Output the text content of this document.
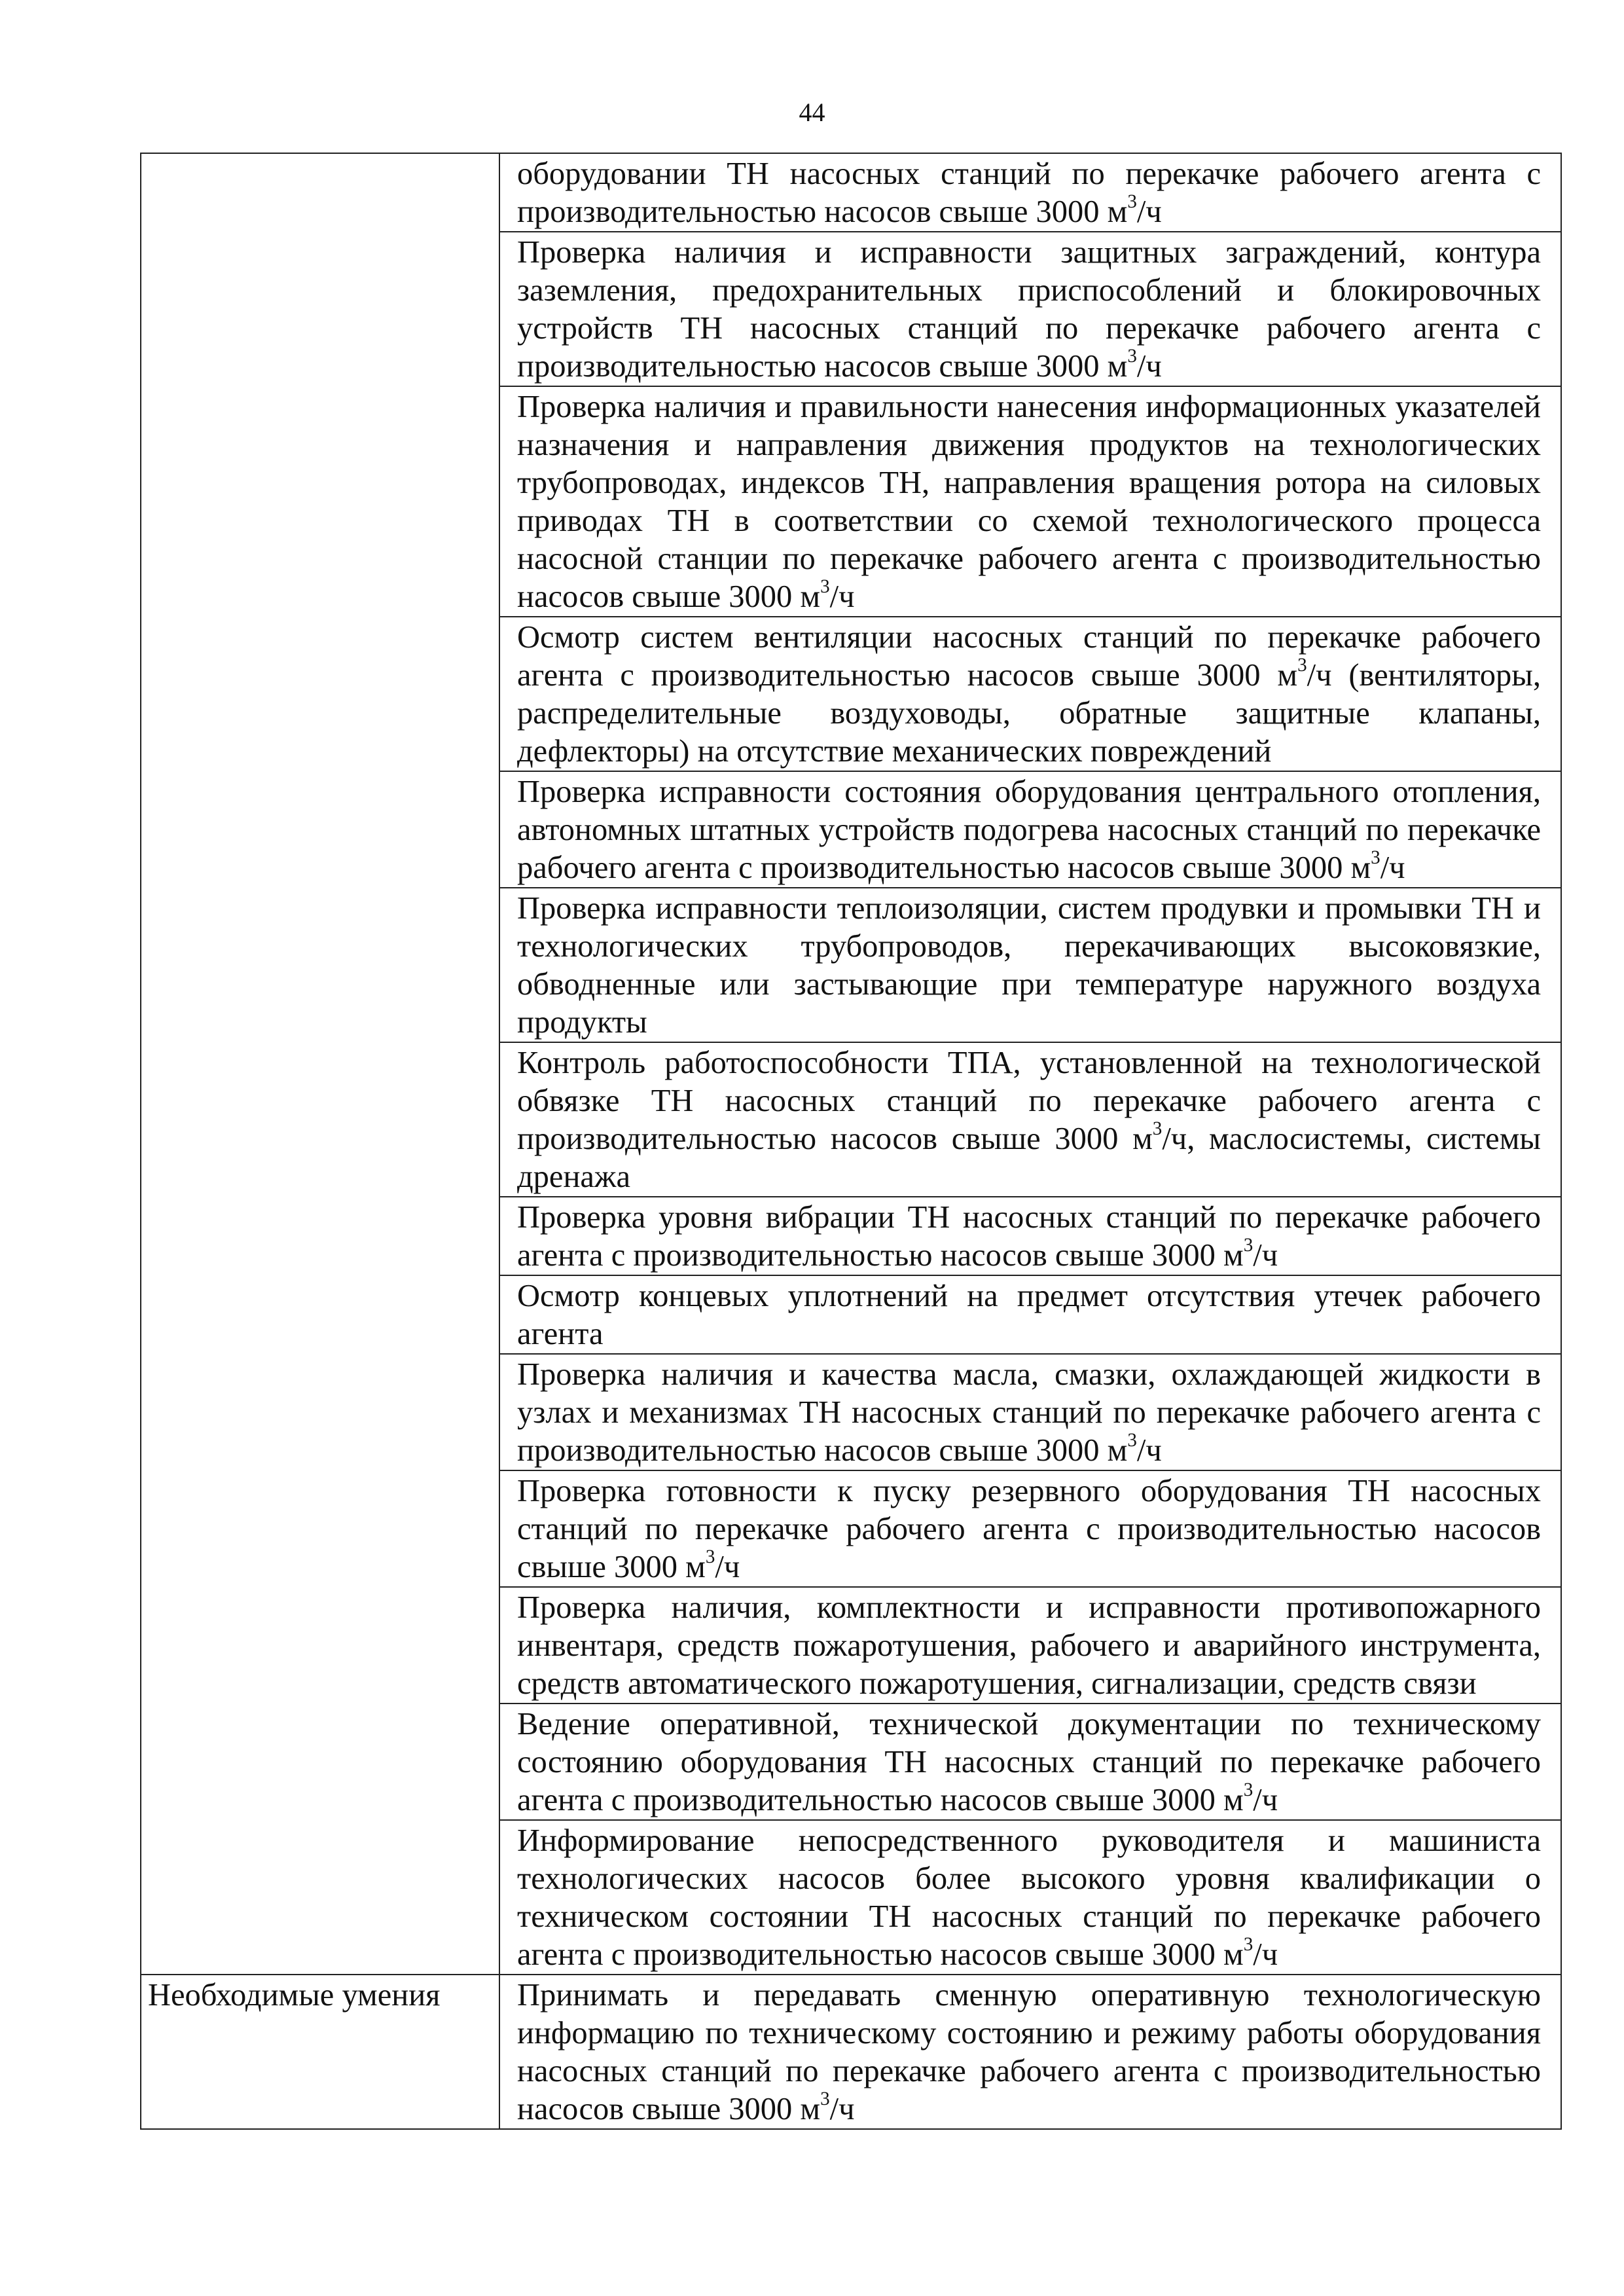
44

	оборудовании ТН насосных станций по перекачке рабочего агента с производительностью насосов свыше 3000 $м^3/ч$

	Проверка наличия и исправности защитных заграждений, контура заземления, предохранительных приспособлений и блокировочных устройств ТН насосных станций по перекачке рабочего агента с производительностью насосов свыше 3000 $м^3/ч$

	Проверка наличия и правильности нанесения информационных указателей назначения и направления движения продуктов на технологических трубопроводах, индексов ТН, направления вращения ротора на силовых приводах ТН в соответствии со схемой технологического процесса насосной станции по перекачке рабочего агента с производительностью насосов свыше 3000 $м^3/ч$

	Осмотр систем вентиляции насосных станций по перекачке рабочего агента с производительностью насосов свыше 3000 $м^3/ч$ (вентиляторы, распределительные воздуховоды, обратные защитные клапаны, дефлекторы) на отсутствие механических повреждений

	Проверка исправности состояния оборудования центрального отопления, автономных штатных устройств подогрева насосных станций по перекачке рабочего агента с производительностью насосов свыше 3000 $м^3/ч$

	Проверка исправности теплоизоляции, систем продувки и промывки ТН и технологических трубопроводов, перекачивающих высоковязкие, обводненные или застывающие при температуре наружного воздуха продукты

	Контроль работоспособности ТПА, установленной на технологической обвязке ТН насосных станций по перекачке рабочего агента с производительностью насосов свыше 3000 $м^3/ч$, маслосистемы, системы дренажа

	Проверка уровня вибрации ТН насосных станций по перекачке рабочего агента с производительностью насосов свыше 3000 $м^3/ч$

	Осмотр концевых уплотнений на предмет отсутствия утечек рабочего агента

	Проверка наличия и качества масла, смазки, охлаждающей жидкости в узлах и механизмах ТН насосных станций по перекачке рабочего агента с производительностью насосов свыше 3000 $м^3/ч$

	Проверка готовности к пуску резервного оборудования ТН насосных станций по перекачке рабочего агента с производительностью насосов свыше 3000 $м^3/ч$

	Проверка наличия, комплектности и исправности противопожарного инвентаря, средств пожаротушения, рабочего и аварийного инструмента, средств автоматического пожаротушения, сигнализации, средств связи

	Ведение оперативной, технической документации по техническому состоянию оборудования ТН насосных станций по перекачке рабочего агента с производительностью насосов свыше 3000 $м^3/ч$

	Информирование непосредственного руководителя и машиниста технологических насосов более высокого уровня квалификации о техническом состоянии ТН насосных станций по перекачке рабочего агента с производительностью насосов свыше 3000 $м^3/ч$

Необходимые умения	Принимать и передавать сменную оперативную технологическую информацию по техническому состоянию и режиму работы оборудования насосных станций по перекачке рабочего агента с производительностью насосов свыше 3000 $м^3/ч$
